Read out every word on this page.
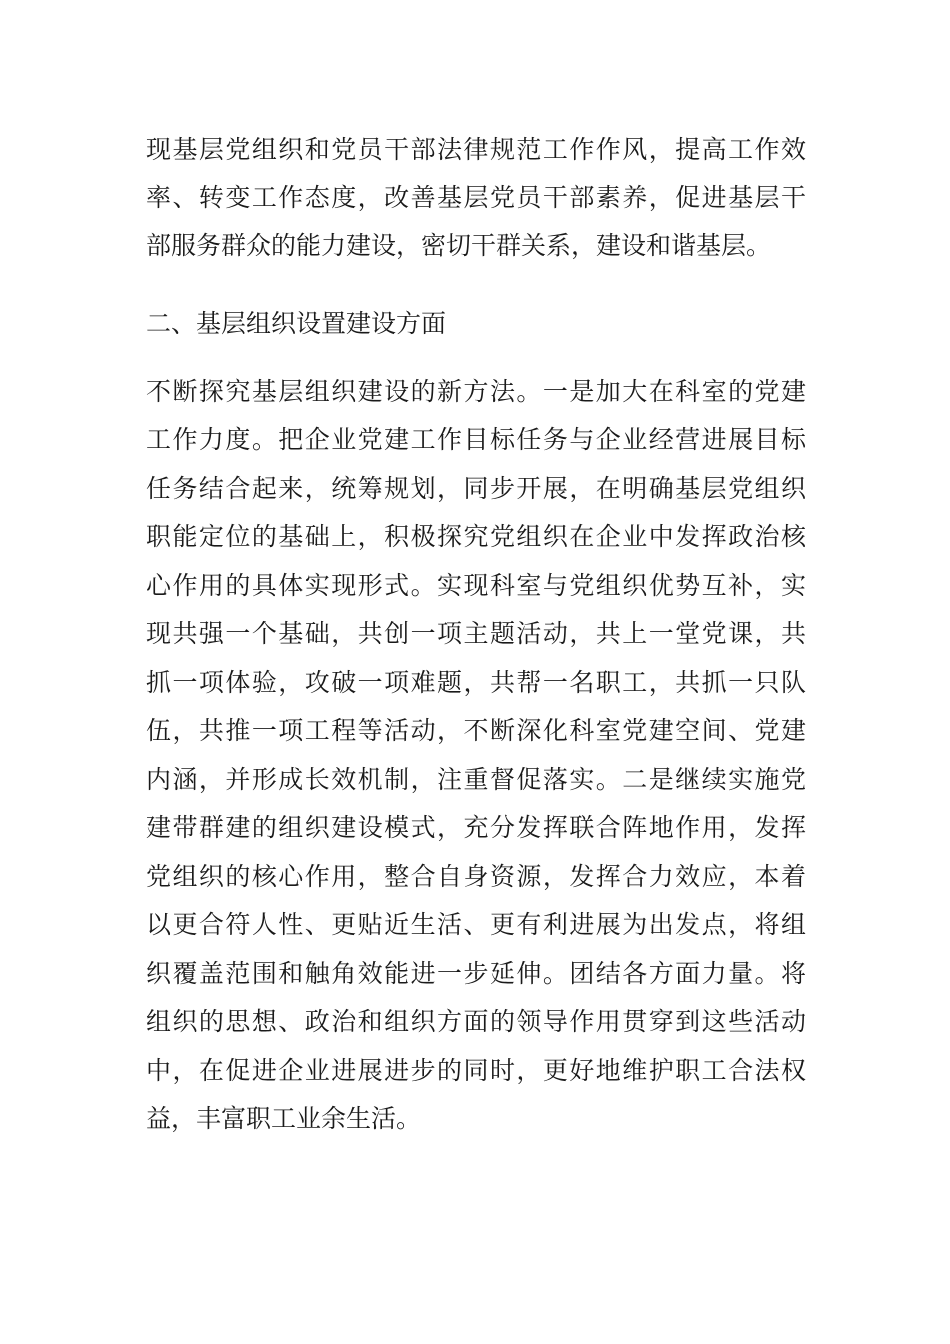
现基层党组织和党员干部法律规范工作作风，提高工作效
率、转变工作态度，改善基层党员干部素养，促进基层干
部服务群众的能力建设，密切干群关系，建设和谐基层。
二、基层组织设置建设方面
不断探究基层组织建设的新方法。一是加大在科室的党建
工作力度。把企业党建工作目标任务与企业经营进展目标
任务结合起来，统筹规划，同步开展，在明确基层党组织
职能定位的基础上，积极探究党组织在企业中发挥政治核
心作用的具体实现形式。实现科室与党组织优势互补，实
现共强一个基础，共创一项主题活动，共上一堂党课，共
抓一项体验，攻破一项难题，共帮一名职工，共抓一只队
伍，共推一项工程等活动，不断深化科室党建空间、党建
内涵，并形成长效机制，注重督促落实。二是继续实施党
建带群建的组织建设模式，充分发挥联合阵地作用，发挥
党组织的核心作用，整合自身资源，发挥合力效应，本着
以更合符人性、更贴近生活、更有利进展为出发点，将组
织覆盖范围和触角效能进一步延伸。团结各方面力量。将
组织的思想、政治和组织方面的领导作用贯穿到这些活动
中，在促进企业进展进步的同时，更好地维护职工合法权
益，丰富职工业余生活。
